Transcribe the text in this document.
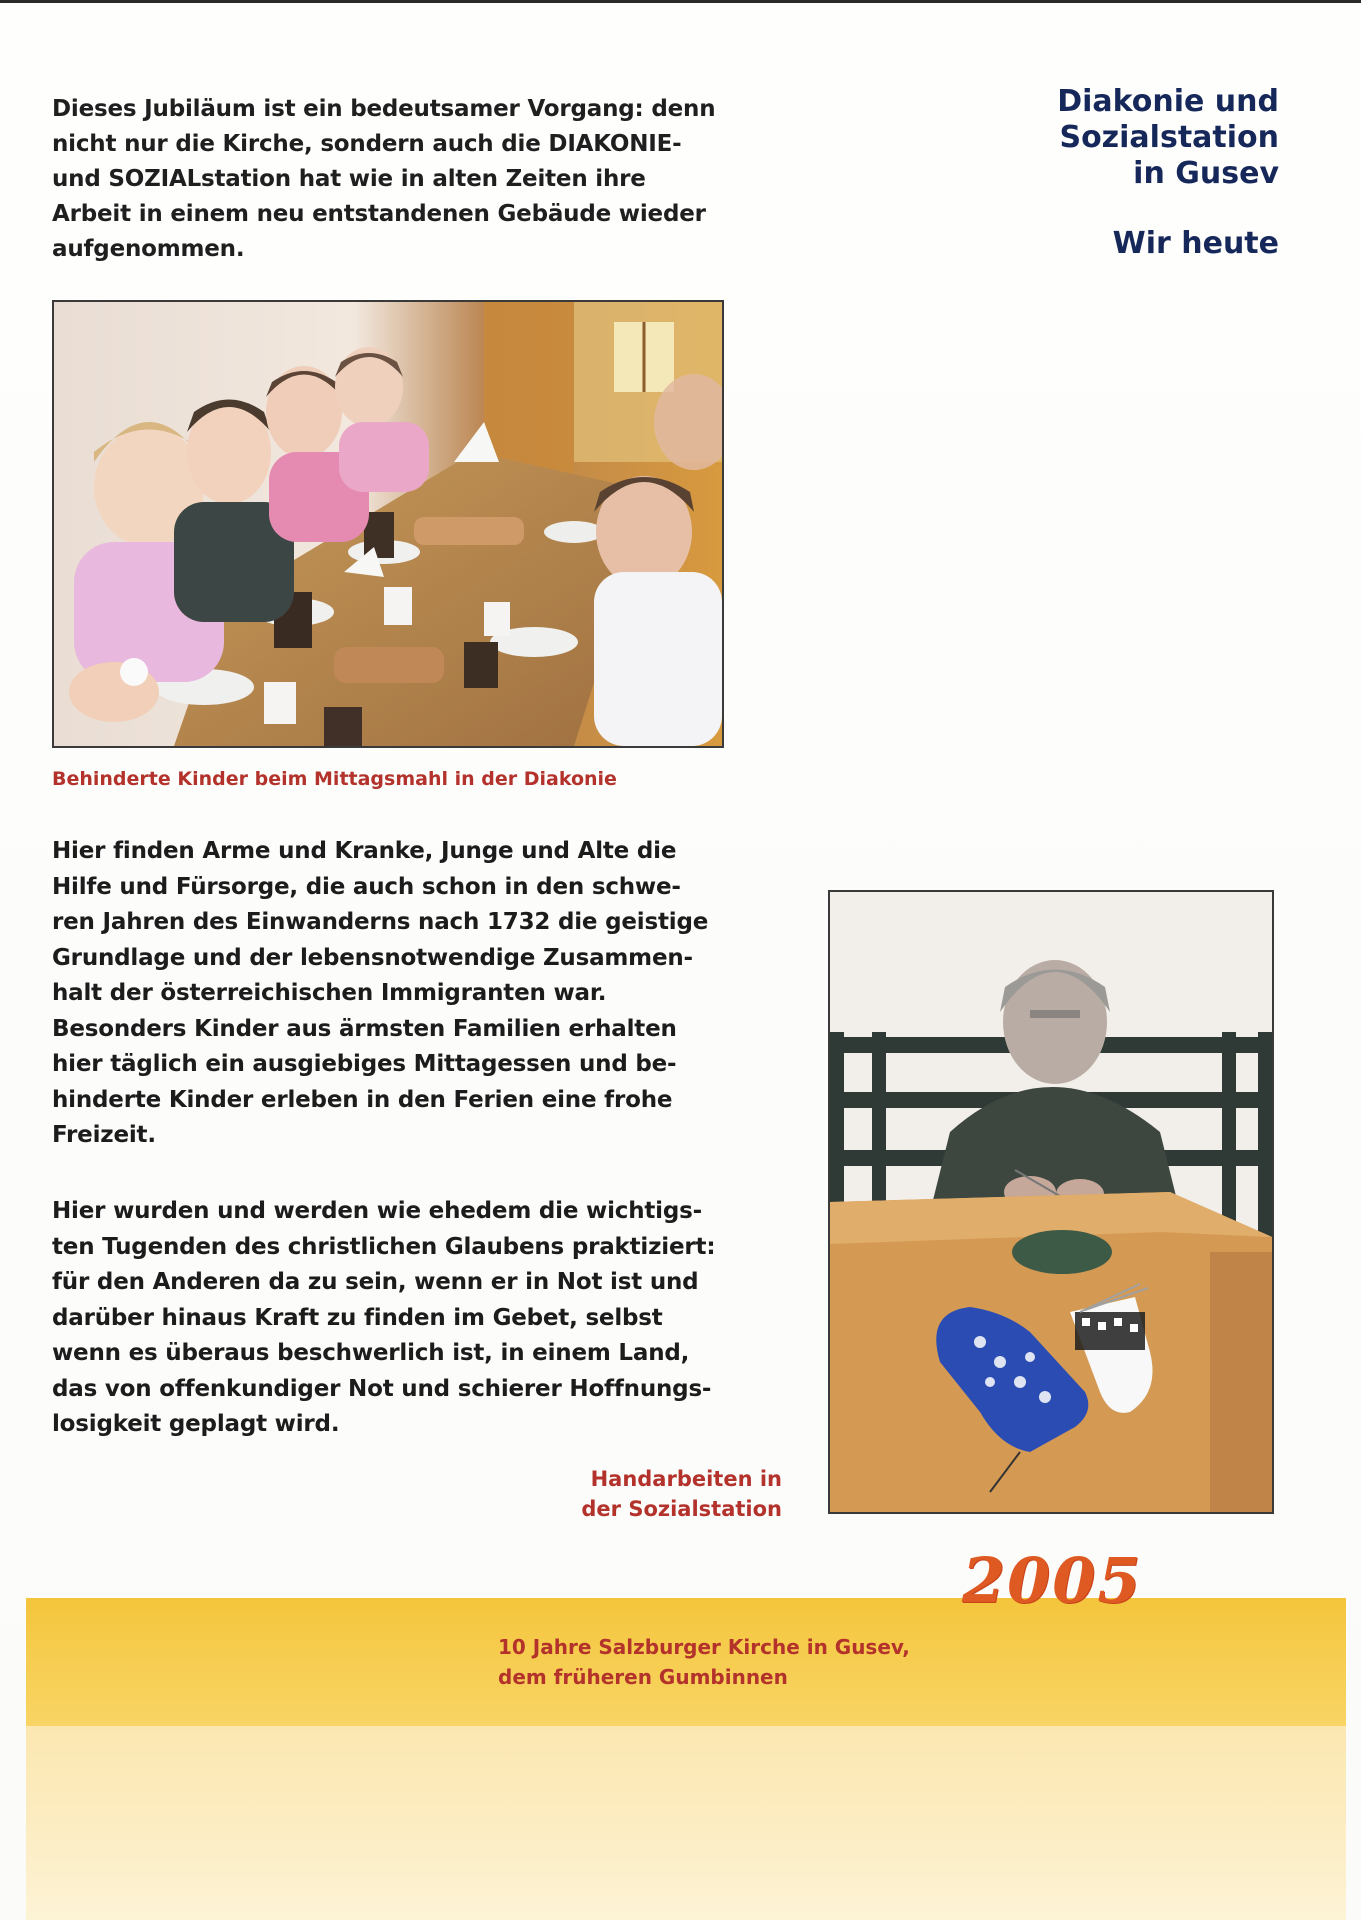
Diakonie und
Sozialstation
in Gusev
Wir heute
Dieses Jubiläum ist ein bedeutsamer Vorgang: denn
nicht nur die Kirche, sondern auch die DIAKONIE-
und SOZIALstation hat wie in alten Zeiten ihre
Arbeit in einem neu entstandenen Gebäude wieder
aufgenommen.
Behinderte Kinder beim Mittagsmahl in der Diakonie
Hier finden Arme und Kranke, Junge und Alte die
Hilfe und Fürsorge, die auch schon in den schwe-
ren Jahren des Einwanderns nach 1732 die geistige
Grundlage und der lebensnotwendige Zusammen-
halt der österreichischen Immigranten war.
Besonders Kinder aus ärmsten Familien erhalten
hier täglich ein ausgiebiges Mittagessen und be-
hinderte Kinder erleben in den Ferien eine frohe
Freizeit.
Hier wurden und werden wie ehedem die wichtigs-
ten Tugenden des christlichen Glaubens praktiziert:
für den Anderen da zu sein, wenn er in Not ist und
darüber hinaus Kraft zu finden im Gebet, selbst
wenn es überaus beschwerlich ist, in einem Land,
das von offenkundiger Not und schierer Hoffnungs-
losigkeit geplagt wird.
Handarbeiten in
der Sozialstation
2005
10 Jahre Salzburger Kirche in Gusev,
dem früheren Gumbinnen
